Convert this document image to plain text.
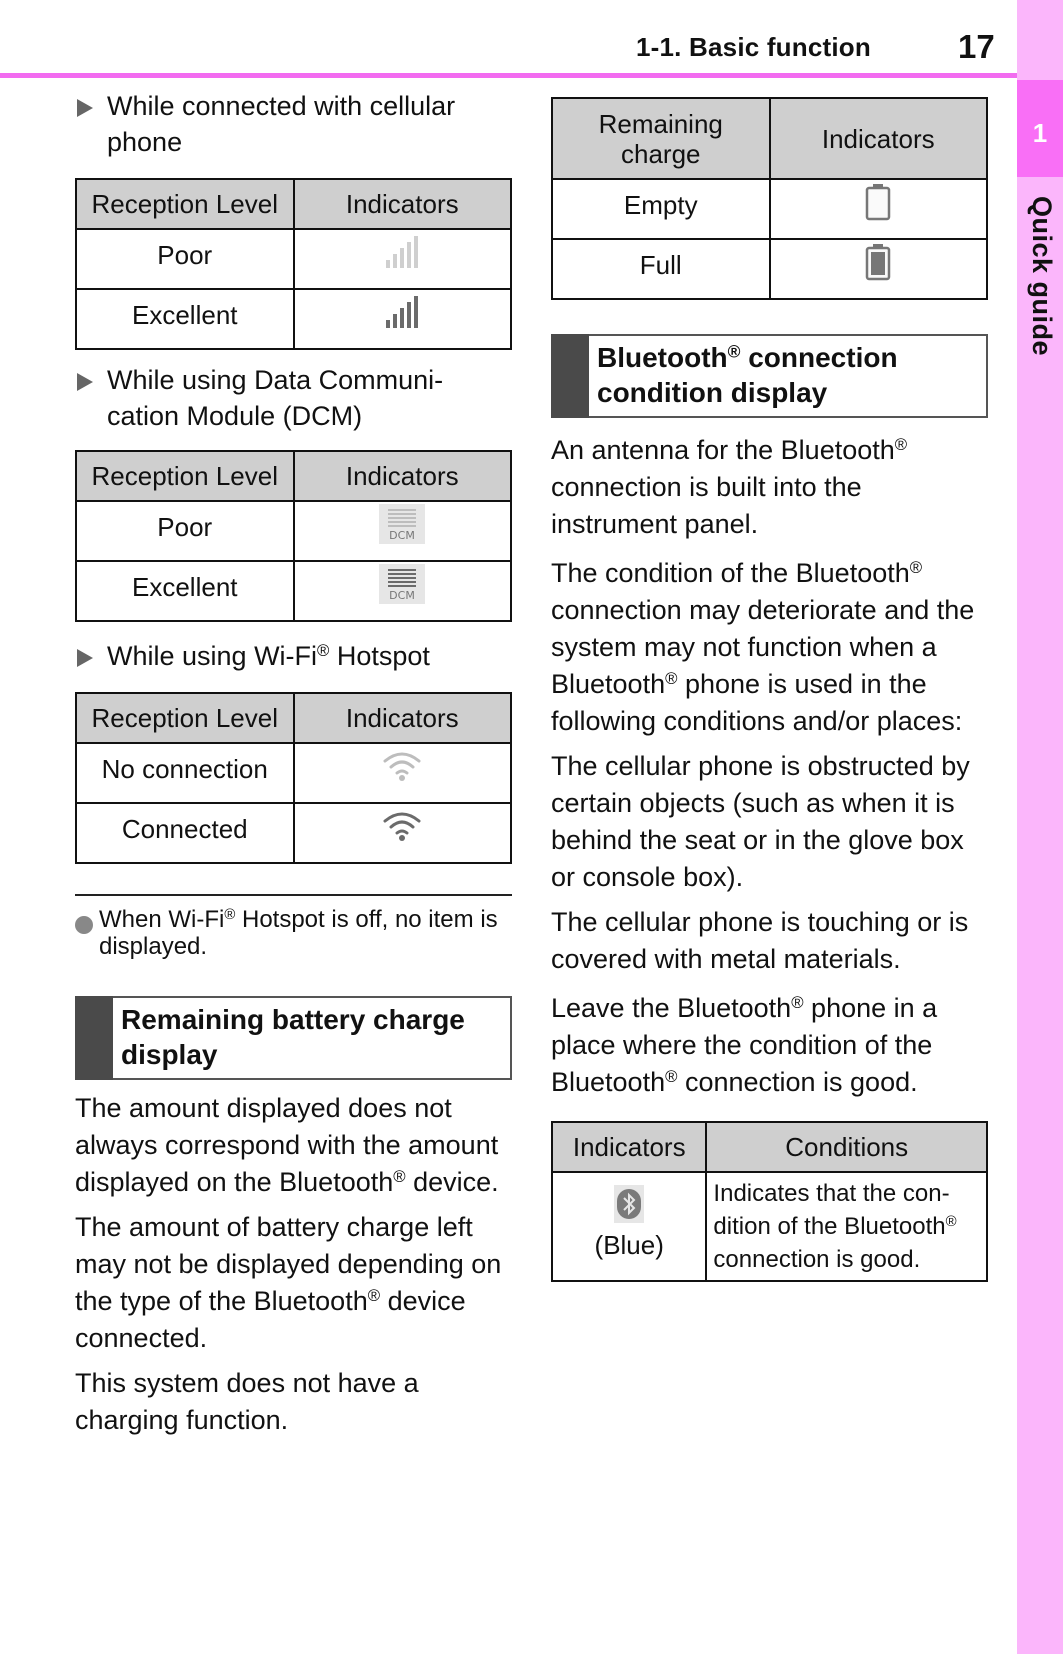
1-1. Basic function	17
1
Quick guide
While connected with cellular phone
Reception Level	Indicators
Poor	
Excellent	
While using Data Communi-cation Module (DCM)
Reception Level	Indicators
Poor	DCM

Excellent	DCM
While using Wi-Fi® Hotspot
Reception Level	Indicators
No connection	
Connected	
When Wi-Fi® Hotspot is off, no item is displayed.
Remaining battery charge display
The amount displayed does not always correspond with the amount displayed on the Bluetooth® device.
The amount of battery charge left may not be displayed depending on the type of the Bluetooth® device connected.
This system does not have a charging function.
Remaining charge	Indicators
Empty	
Full	
Bluetooth® connection condition display
An antenna for the Bluetooth® connection is built into the instrument panel.
The condition of the Bluetooth® connection may deteriorate and the system may not function when a Bluetooth® phone is used in the following conditions and/or places:
The cellular phone is obstructed by certain objects (such as when it is behind the seat or in the glove box or console box).
The cellular phone is touching or is covered with metal materials.
Leave the Bluetooth® phone in a place where the condition of the Bluetooth® connection is good.
Indicators	Conditions

(Blue)	Indicates that the con-dition of the Bluetooth® connection is good.
